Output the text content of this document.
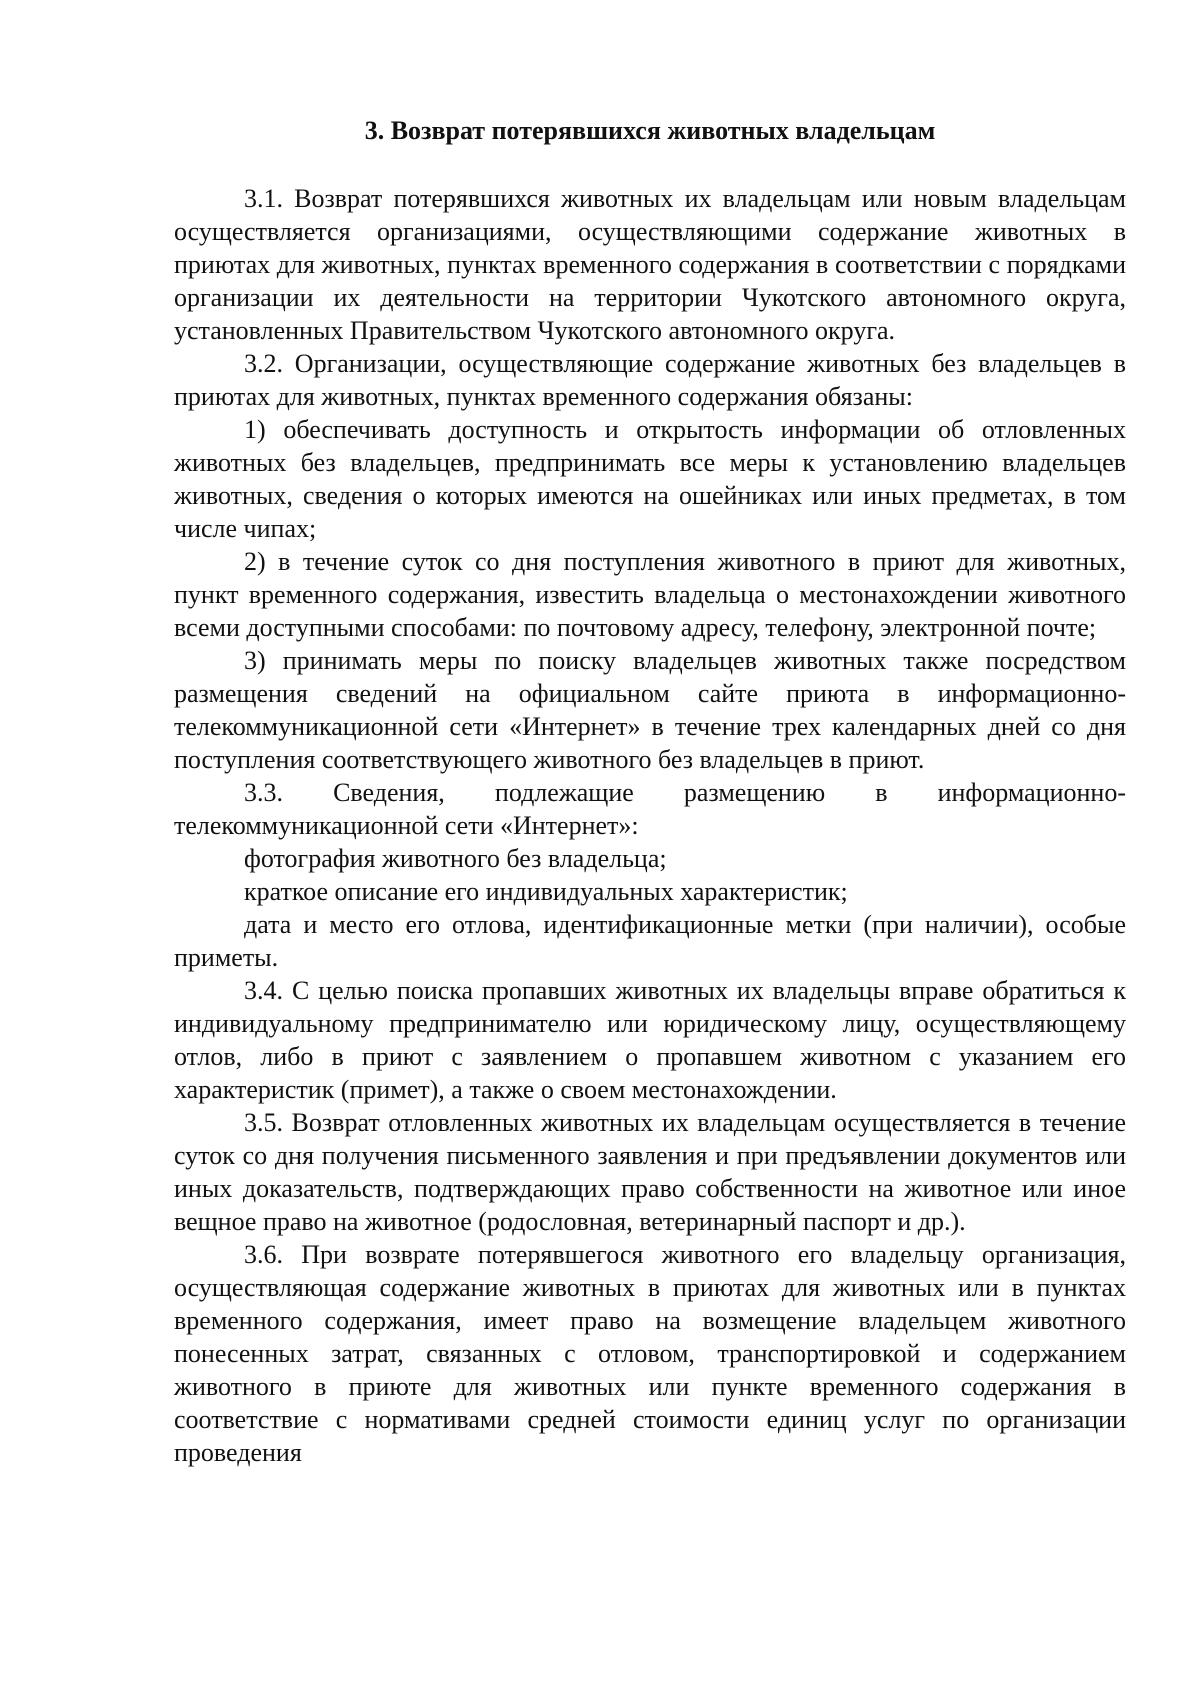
3. Возврат потерявшихся животных владельцам

3.1. Возврат потерявшихся животных их владельцам или новым владельцам осуществляется организациями, осуществляющими содержание животных в приютах для животных, пунктах временного содержания в соответствии с порядками организации их деятельности на территории Чукотского автономного округа, установленных Правительством Чукотского автономного округа.

3.2. Организации, осуществляющие содержание животных без владельцев в приютах для животных, пунктах временного содержания обязаны:

1) обеспечивать доступность и открытость информации об отловленных животных без владельцев, предпринимать все меры к установлению владельцев животных, сведения о которых имеются на ошейниках или иных предметах, в том числе чипах;

2) в течение суток со дня поступления животного в приют для животных, пункт временного содержания, известить владельца о местонахождении животного всеми доступными способами: по почтовому адресу, телефону, электронной почте;

3) принимать меры по поиску владельцев животных также посредством размещения сведений на официальном сайте приюта в информационно-телекоммуникационной сети «Интернет» в течение трех календарных дней со дня поступления соответствующего животного без владельцев в приют.

3.3. Сведения, подлежащие размещению в информационно-телекоммуникационной сети «Интернет»:

фотография животного без владельца;

краткое описание его индивидуальных характеристик;

дата и место его отлова, идентификационные метки (при наличии), особые приметы.

3.4. С целью поиска пропавших животных их владельцы вправе обратиться к индивидуальному предпринимателю или юридическому лицу, осуществляющему отлов, либо в приют с заявлением о пропавшем животном с указанием его характеристик (примет), а также о своем местонахождении.

3.5. Возврат отловленных животных их владельцам осуществляется в течение суток со дня получения письменного заявления и при предъявлении документов или иных доказательств, подтверждающих право собственности на животное или иное вещное право на животное (родословная, ветеринарный паспорт и др.).

3.6. При возврате потерявшегося животного его владельцу организация, осуществляющая содержание животных в приютах для животных или в пунктах временного содержания, имеет право на возмещение владельцем животного понесенных затрат, связанных с отловом, транспортировкой и содержанием животного в приюте для животных или пункте временного содержания в соответствие с нормативами средней стоимости единиц услуг по организации проведения
